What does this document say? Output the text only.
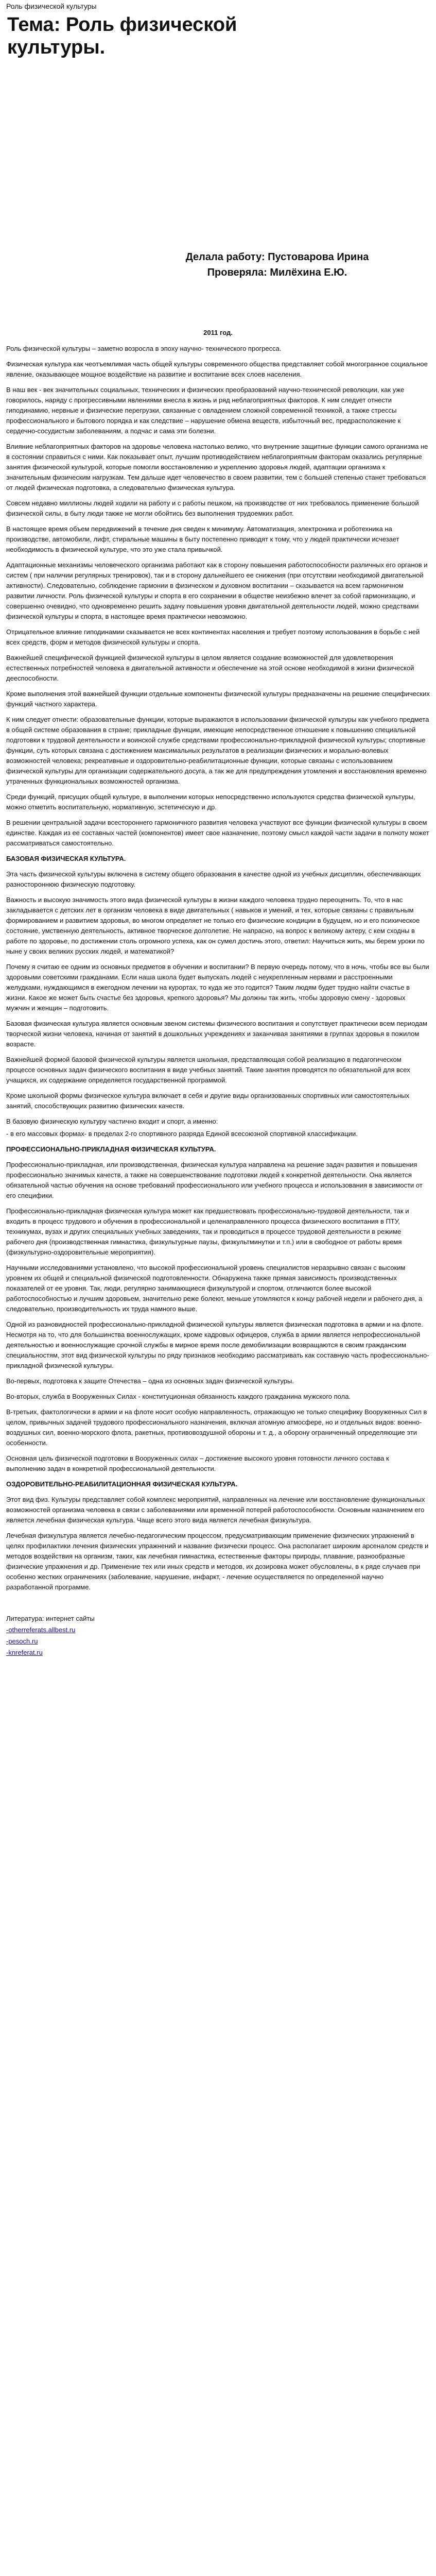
Роль физической культуры
Тема: Роль физической
культуры.
Делала работу: Пустоварова Ирина
Проверяла: Милёхина Е.Ю.
2011 год.

Роль физической культуры – заметно возросла в эпоху научно- технического прогресса.

Физическая культура как чеотъемлимая часть общей культуры современного общества представляет собой многогранное социальное явление, оказывающее мощное воздействие на развитие и воспитание всех слоев населения.

В наш век - век значительных социальных, технических и физических преобразований научно-технической революции, как уже говорилось, наряду с прогрессивными явлениями внесла в жизнь и ряд неблагоприятных факторов. К ним следует отнести гиподинамию, нервные и физические перегрузки, связанные с овладением сложной современной техникой, а также стрессы профессионального и бытового порядка и как следствие – нарушение обмена веществ, избыточный вес, предрасположение к сердечно-сосудистым заболеваниям, а подчас и сама эти болезни.

Влияние неблагоприятных факторов на здоровье человека настолько велико, что внутренние защитные функции самого организма не в состоянии справиться с ними. Как показывает опыт, лучшим противодействием неблагоприятным факторам оказались регулярные занятия физической культурой, которые помогли восстановлению и укреплению здоровья людей, адаптации организма к значительным физическим нагрузкам. Тем дальше идет человечество в своем развитии, тем с большей степенью станет требоваться от людей физическая подготовка, а следовательно физическая культура.

Совсем недавно миллионы людей ходили на работу и с работы пешком, на производстве от них требовалось применение большой физической силы, в быту люди также не могли обойтись без выполнения трудоемких работ.

В настоящее время объем передвижений в течение дня сведен к минимуму. Автоматизация, электроника и роботехника на производстве, автомобили, лифт, стиральные машины в быту постепенно приводят к тому, что у людей практически исчезает необходимость в физической культуре, что это уже стала привычкой.

Адаптационные механизмы человеческого организма работают как в сторону повышения работоспособности различных его органов и систем ( при наличии регулярных тренировок), так и в сторону дальнейшего ее снижения (при отсутствии необходимой двигательной активности). Следовательно, соблюдение гармонии в физическом и духовном воспитании – сказывается на всем гармоничном развитии личности. Роль физической культуры и спорта в его сохранении в обществе неизбежно влечет за собой гармонизацию, и совершенно очевидно, что одновременно решить задачу повышения уровня двигательной деятельности людей, можно средствами физической культуры и спорта, в настоящее время практически невозможно.

Отрицательное влияние гиподинамии сказывается не всех континентах населения и требует поэтому использования в борьбе с ней всех средств, форм и методов физической культуры и спорта.

Важнейшей специфической функцией физической культуры в целом является создание возможностей для удовлетворения естественных потребностей человека в двигательной активности и обеспечение на этой основе необходимой в жизни физической дееспособности.

Кроме выполнения этой важнейшей функции отдельные компоненты физической культуры предназначены на решение специфических функций частного характера.

К ним следует отнести: образовательные функции, которые выражаются в использовании физической культуры как учебного предмета в общей системе образования в стране; прикладные функции, имеющие непосредственное отношение к повышению специальной подготовки к трудовой деятельности и воинской службе средствами профессионально-прикладной физической культуры; спортивные функции, суть которых связана с достижением максимальных результатов в реализации физических и морально-волевых возможностей человека; рекреативные и оздоровительно-реабилитационные функции, которые связаны с использованием физической культуры для организации содержательного досуга, а так же для предупреждения утомления и восстановления временно утраченных функциональных возможностей организма.

Среди функций, присущих общей культуре, в выполнении которых непосредственно используются средства физической культуры, можно отметить воспитательную, нормативную, эстетическую и др.

В решении центральной задачи всестороннего гармоничного развития человека участвуют все функции физической культуры в своем единстве. Каждая из ее составных частей (компонентов) имеет свое назначение, поэтому смысл каждой части задачи в полноту может рассматриваться самостоятельно.

БАЗОВАЯ ФИЗИЧЕСКАЯ КУЛЬТУРА.

Эта часть физической культуры включена в систему общего образования в качестве одной из учебных дисциплин, обеспечивающих разностороннюю физическую подготовку.

Важность и высокую значимость этого вида физической культуры в жизни каждого человека трудно переоценить. То, что в нас закладывается с детских лет в организм человека в виде двигательных ( навыков и умений, и тех, которые связаны с правильным формированием и развитием здоровья, во многом определяет не только его физические кондиции в будущем, но и его психическое состояние, умственную деятельность, активное творческое долголетие. Не напрасно, на вопрос к великому актеру, с кем сходны в работе по здоровье, по достижении столь огромного успеха, как он сумел достичь этого, ответил: Научиться жить, мы берем уроки по ныне у своих великих русских людей, и математикой?

Почему я считаю ее одним из основных предметов в обучении и воспитании? В первую очередь потому, что в ночь, чтобы все вы были здоровыми советскими гражданами. Если наша школа будет выпускать людей с неукрепленным нервами и расстроенными желудками, нуждающимся в ежегодном лечении на курортах, то куда же это годится? Таким людям будет трудно найти счастье в жизни. Какое же может быть счастье без здоровья, крепкого здоровья? Мы должны так жить, чтобы здоровую смену - здоровых мужчин и женщин – подготовить.

Базовая физическая культура является основным звеном системы физического воспитания и сопутствует практически всем периодам творческой жизни человека, начиная от занятий в дошкольных учреждениях и заканчивая занятиями в группах здоровья в пожилом возрасте.

Важнейшей формой базовой физической культуры является школьная, представляющая собой реализацию в педагогическом процессе основных задач физического воспитания в виде учебных занятий. Такие занятия проводятся по обязательной для всех учащихся, их содержание определяется государственной программой.

Кроме школьной формы физическое культура включает в себя и другие виды организованных спортивных или самостоятельных занятий, способствующих развитию физических качеств.

В базовую физическую культуру частично входит и спорт, а именно:

- в его массовых формах- в пределах 2-го спортивного разряда Единой всесоюзной спортивной классификации.

ПРОФЕССИОНАЛЬНО-ПРИКЛАДНАЯ ФИЗИЧЕСКАЯ КУЛЬТУРА.

Профессионально-прикладная, или производственная, физическая культура направлена на решение задач развития и повышения профессионально значимых качеств, а также на совершенствование подготовки людей к конкретной деятельности. Она является обязательной частью обучения на основе требований профессионального или учебного процесса и использования в зависимости от его специфики.

Профессионально-прикладная физическая культура может как предшествовать профессионально-трудовой деятельности, так и входить в процесс трудового и обучения в профессиональной и целенаправленного процесса физического воспитания в ПТУ, техникумах, вузах и других специальных учебных заведениях, так и проводиться в процессе трудовой деятельности в режиме рабочего дня (производственная гимнастика, физкультурные паузы, физкультминутки и т.п.) или в свободное от работы время (физкультурно-оздоровительные мероприятия).

Научными исследованиями установлено, что высокой профессиональной уровень специалистов неразрывно связан с высоким уровнем их общей и специальной физической подготовленности. Обнаружена также прямая зависимость производственных показателей от ее уровня. Так, люди, регулярно занимающиеся физкультурой и спортом, отличаются более высокой работоспособностью и лучшим здоровьем, значительно реже болеют, меньше утомляются к концу рабочей недели и рабочего дня, а следовательно, производительность их труда намного выше.

Одной из разновидностей профессионально-прикладной физической культуры является физическая подготовка в армии и на флоте. Несмотря на то, что для большинства военнослужащих, кроме кадровых офицеров, служба в армии является непрофессиональной деятельностью и военнослужащие срочной службы в мирное время после демобилизации возвращаются в своим гражданским специальностям, этот вид физической культуры по ряду признаков необходимо рассматривать как составную часть профессионально-прикладной физической культуры.

Во-первых, подготовка к защите Отечества – одна из основных задач физической культуры.

Во-вторых, служба в Вооруженных Силах - конституционная обязанность каждого гражданина мужского пола.

В-третьих, фактологически в армии и на флоте носит особую направленность, отражающую не только специфику Вооруженных Сил в целом, привычных задачей трудового профессионального назначения, включая атомную атмосфере, но и отдельных видов: военно-воздушных сил, военно-морского флота, ракетных, противовоздушной обороны и т. д., а оборону ограниченный определяющие эти особенности.

Основная цель физической подготовки в Вооруженных силах – достижение высокого уровня готовности личного состава к выполнению задач в конкретной профессиональной деятельности.

ОЗДОРОВИТЕЛЬНО-РЕАБИЛИТАЦИОННАЯ ФИЗИЧЕСКАЯ КУЛЬТУРА.

Этот вид физ. Культуры представляет собой комплекс мероприятий, направленных на лечение или восстановление функциональных возможностей организма человека в связи с заболеваниями или временной потерей работоспособности. Основным назначением его является лечебная физическая культура. Чаще всего этого вида является лечебная физкультура.

Лечебная физкультура является лечебно-педагогическим процессом, предусматривающим применение физических упражнений в целях профилактики лечения физических упражнений и название физически процесс. Она располагает широким арсеналом средств и методов воздействия на организм, таких, как лечебная гимнастика, естественные факторы природы, плавание, разнообразные физические упражнения и др. Применение тех или иных средств и методов, их дозировка может обусловлены, в к ряде случаев при особенно жестких ограничениях (заболевание, нарушение, инфаркт, - лечение осуществляется по определенной научно разработанной программе.

Литература: интернет сайты
-otherreferats.allbest.ru
-pesoch.ru
-knreferat.ru
